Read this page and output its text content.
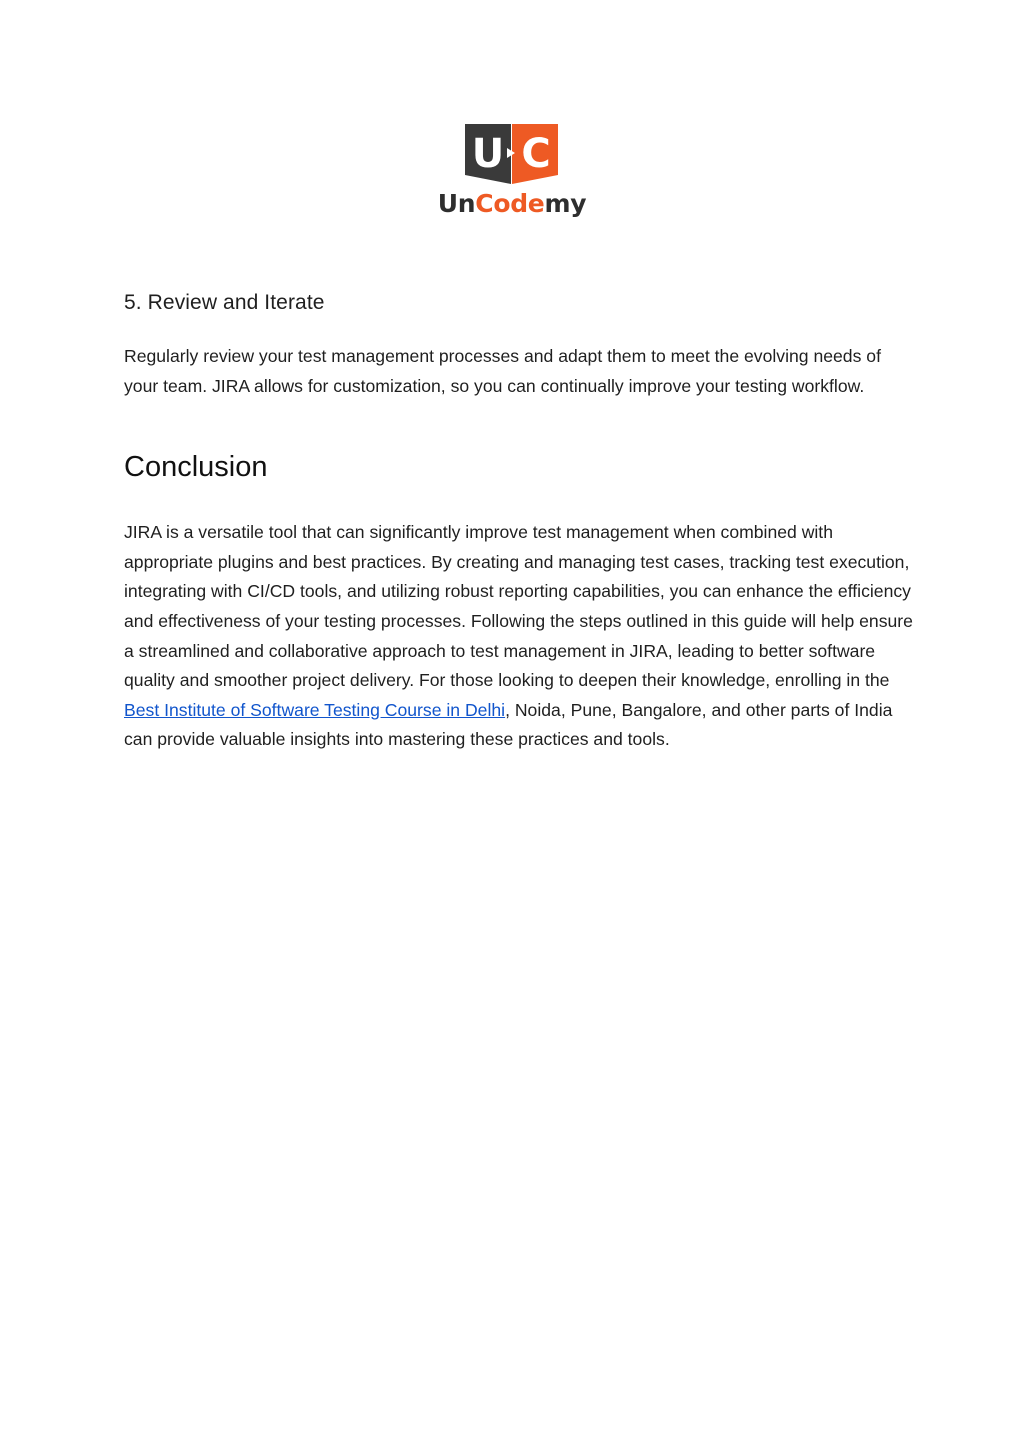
U C
UnCodemy
5. Review and Iterate

Regularly review your test management processes and adapt them to meet the evolving needs of your team. JIRA allows for customization, so you can continually improve your testing workflow.

Conclusion

JIRA is a versatile tool that can significantly improve test management when combined with appropriate plugins and best practices. By creating and managing test cases, tracking test execution, integrating with CI/CD tools, and utilizing robust reporting capabilities, you can enhance the efficiency and effectiveness of your testing processes. Following the steps outlined in this guide will help ensure a streamlined and collaborative approach to test management in JIRA, leading to better software quality and smoother project delivery. For those looking to deepen their knowledge, enrolling in the Best Institute of Software Testing Course in Delhi, Noida, Pune, Bangalore, and other parts of India can provide valuable insights into mastering these practices and tools.
